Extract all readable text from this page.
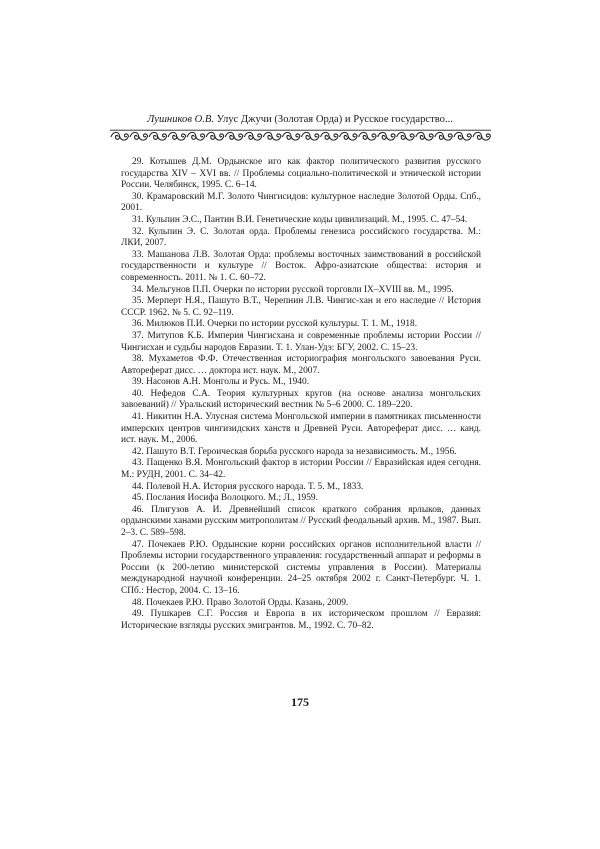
Лушников О.В. Улус Джучи (Золотая Орда) и Русское государство...

29. Котышев Д.М. Ордынское иго как фактор политического развития русского государства XIV – XVI вв. // Проблемы социально-политической и этнической истории России. Челябинск, 1995. С. 6–14.

30. Крамаровский М.Г. Золото Чингисидов: культурное наследие Золотой Орды. Спб., 2001.

31. Кульпин Э.С., Пантин В.И. Генетические коды цивилизаций. М., 1995. С. 47–54.

32. Кульпин Э. С. Золотая орда. Проблемы генезиса российского государства. М.: ЛКИ, 2007.

33. Машанова Л.В. Золотая Орда: проблемы восточных заимствований в российской государственности и культуре // Восток. Афро-азиатские общества: история и современность. 2011. № 1. С. 60–72.

34. Мельгунов П.П. Очерки по истории русской торговли IX–XVIII вв. М., 1995.

35. Мерперт Н.Я., Пашуто В.Т., Черепнин Л.В. Чингис-хан и его наследие // История СССР. 1962. № 5. С. 92–119.

36. Милюков П.И. Очерки по истории русской культуры. Т. 1. М., 1918.

37. Митупов К.Б. Империя Чингисхана и современные проблемы истории России // Чингисхан и судьбы народов Евразии. Т. 1. Улан-Удэ: БГУ, 2002. С. 15–23.

38. Мухаметов Ф.Ф. Отечественная историография монгольского завоевания Руси. Автореферат дисс. … доктора ист. наук. М., 2007.

39. Насонов А.Н. Монголы и Русь. М., 1940.

40. Нефедов С.А. Теория культурных кругов (на основе анализа монгольских завоеваний) // Уральский исторический вестник № 5–6 2000. С. 189–220.

41. Никитин Н.А. Улусная система Монгольской империи в памятниках письменности имперских центров чингизидских ханств и Древней Руси. Автореферат дисс. … канд. ист. наук. М., 2006.

42. Пашуто В.Т. Героическая борьба русского народа за независимость. М., 1956.

43. Пащенко В.Я. Монгольский фактор в истории России // Евразийская идея сегодня. М.: РУДН, 2001. С. 34–42.

44. Полевой Н.А. История русского народа. Т. 5. М., 1833.

45. Послания Иосифа Волоцкого. М.; Л., 1959.

46. Плигузов А. И. Древнейший список краткого собрания ярлыков, данных ордынскими ханами русским митрополитам // Русский феодальный архив. М., 1987. Вып. 2–3. С. 589–598.

47. Почекаев Р.Ю. Ордынские корни российских органов исполнительной власти // Проблемы истории государственного управления: государственный аппарат и реформы в России (к 200-летию министерской системы управления в России). Материалы международной научной конференции. 24–25 октября 2002 г. Санкт-Петербург. Ч. 1. СПб.: Нестор, 2004. С. 13–16.

48. Почекаев Р.Ю. Право Золотой Орды. Казань, 2009.

49. Пушкарев С.Г. Россия и Европа в их историческом прошлом // Евразия: Исторические взгляды русских эмигрантов. М., 1992. С. 70–82.

175
